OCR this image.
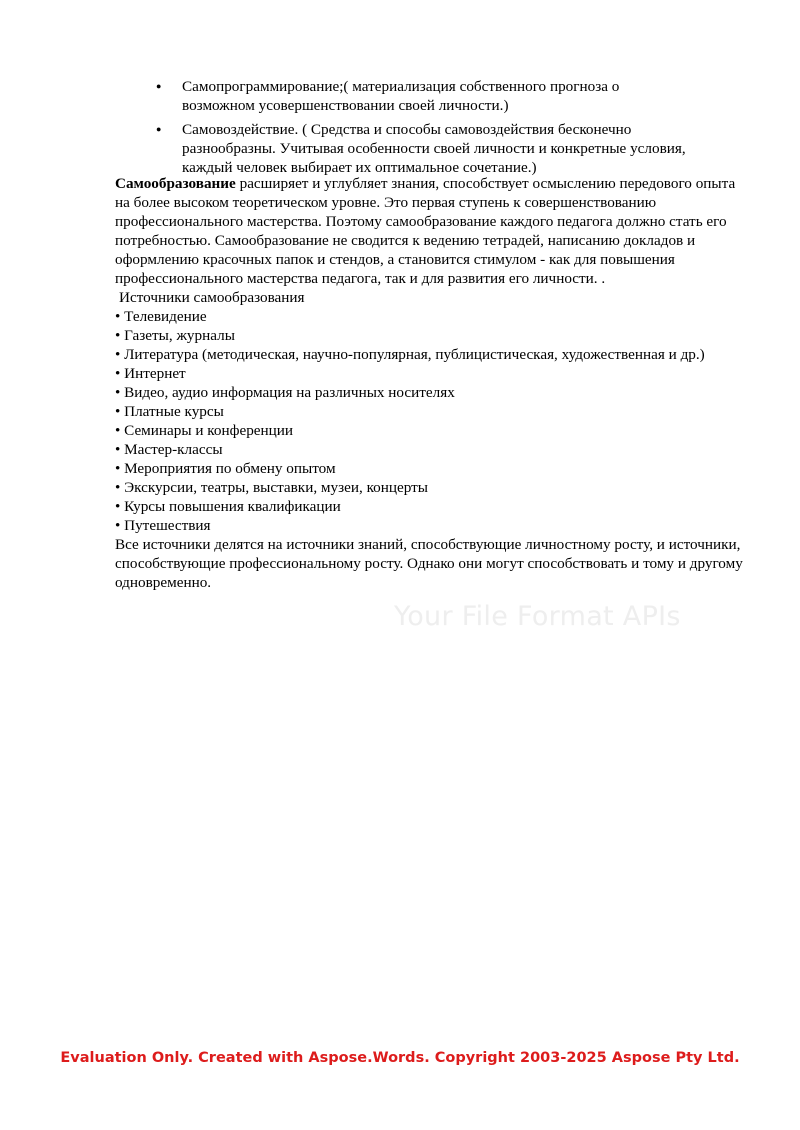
● Самопрограммирование;( материализация собственного прогноза о возможном усовершенствовании своей личности.)
● Самовоздействие. ( Средства и способы самовоздействия бесконечно разнообразны. Учитывая особенности своей личности и конкретные условия, каждый человек выбирает их оптимальное сочетание.)

Самообразование расширяет и углубляет знания, способствует осмыслению передового опыта на более высоком теоретическом уровне. Это первая ступень к совершенствованию профессионального мастерства. Поэтому самообразование каждого педагога должно стать его потребностью. Самообразование не сводится к ведению тетрадей, написанию докладов и оформлению красочных папок и стендов, а становится стимулом - как для повышения профессионального мастерства педагога, так и для развития его личности. .

Источники самообразования

• Телевидение
• Газеты, журналы
• Литература (методическая, научно-популярная, публицистическая, художественная и др.)
• Интернет
• Видео, аудио информация на различных носителях
• Платные курсы
• Семинары и конференции
• Мастер-классы
• Мероприятия по обмену опытом
• Экскурсии, театры, выставки, музеи, концерты
• Курсы повышения квалификации
• Путешествия

Все источники делятся на источники знаний, способствующие личностному росту, и источники, способствующие профессиональному росту. Однако они могут способствовать и тому и другому одновременно.

Your File Format APIs
Evaluation Only. Created with Aspose.Words. Copyright 2003-2025 Aspose Pty Ltd.
